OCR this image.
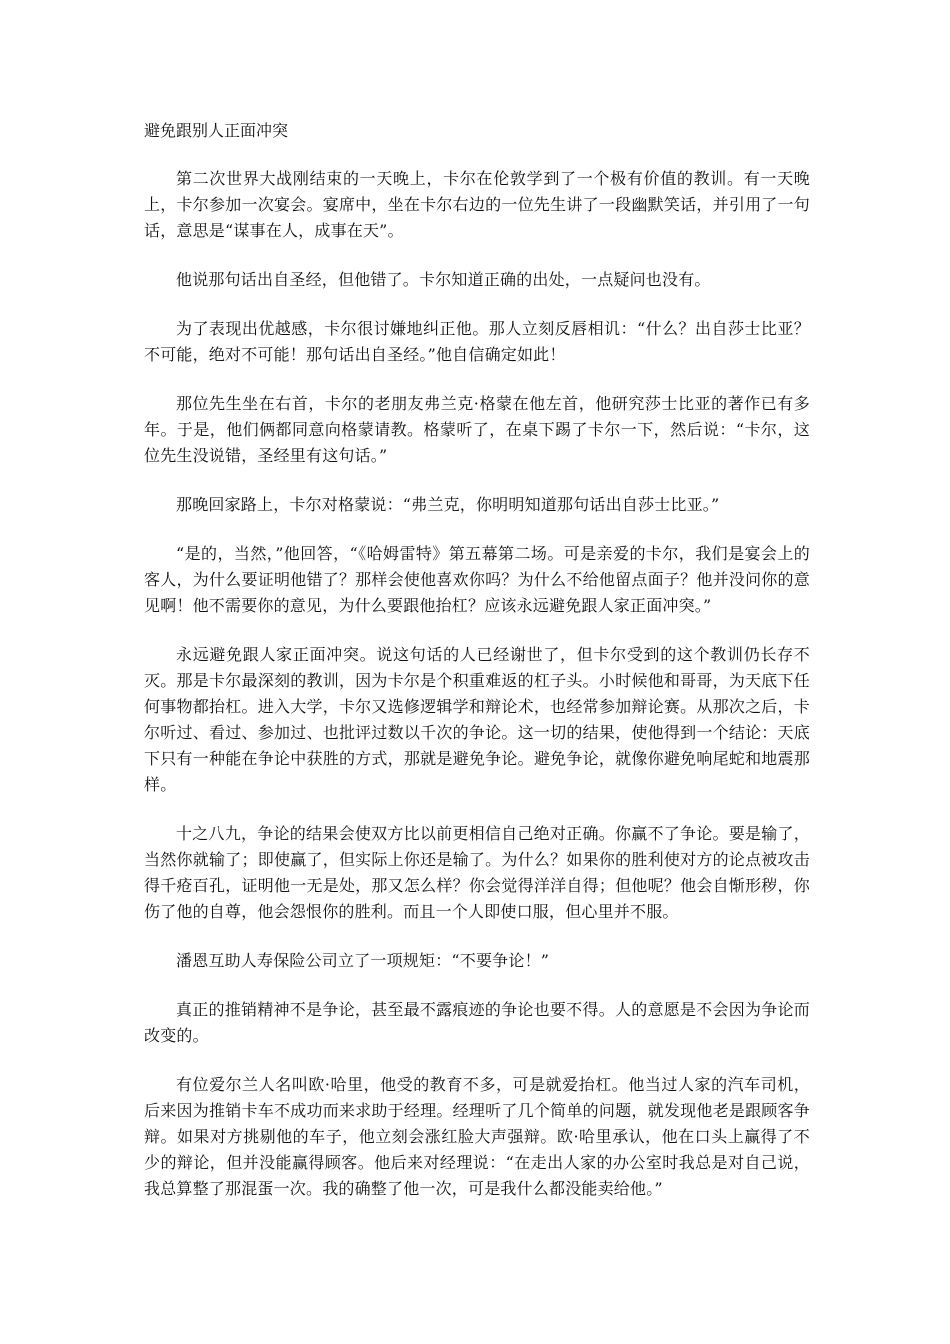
避免跟别人正面冲突

第二次世界大战刚结束的一天晚上，卡尔在伦敦学到了一个极有价值的教训。有一天晚上，卡尔参加一次宴会。宴席中，坐在卡尔右边的一位先生讲了一段幽默笑话，并引用了一句话，意思是“谋事在人，成事在天”。

他说那句话出自圣经，但他错了。卡尔知道正确的出处，一点疑问也没有。

为了表现出优越感，卡尔很讨嫌地纠正他。那人立刻反唇相讥：“什么？出自莎士比亚？不可能，绝对不可能！那句话出自圣经。”他自信确定如此！

那位先生坐在右首，卡尔的老朋友弗兰克·格蒙在他左首，他研究莎士比亚的著作已有多年。于是，他们俩都同意向格蒙请教。格蒙听了，在桌下踢了卡尔一下，然后说：“卡尔，这位先生没说错，圣经里有这句话。”

那晚回家路上，卡尔对格蒙说：“弗兰克，你明明知道那句话出自莎士比亚。”

“是的，当然，”他回答，“《哈姆雷特》第五幕第二场。可是亲爱的卡尔，我们是宴会上的客人，为什么要证明他错了？那样会使他喜欢你吗？为什么不给他留点面子？他并没问你的意见啊！他不需要你的意见，为什么要跟他抬杠？应该永远避免跟人家正面冲突。”

永远避免跟人家正面冲突。说这句话的人已经谢世了，但卡尔受到的这个教训仍长存不灭。那是卡尔最深刻的教训，因为卡尔是个积重难返的杠子头。小时候他和哥哥，为天底下任何事物都抬杠。进入大学，卡尔又选修逻辑学和辩论术，也经常参加辩论赛。从那次之后，卡尔听过、看过、参加过、也批评过数以千次的争论。这一切的结果，使他得到一个结论：天底下只有一种能在争论中获胜的方式，那就是避免争论。避免争论，就像你避免响尾蛇和地震那样。

十之八九，争论的结果会使双方比以前更相信自己绝对正确。你赢不了争论。要是输了，当然你就输了；即使赢了，但实际上你还是输了。为什么？如果你的胜利使对方的论点被攻击得千疮百孔，证明他一无是处，那又怎么样？你会觉得洋洋自得；但他呢？他会自惭形秽，你伤了他的自尊，他会怨恨你的胜利。而且一个人即使口服，但心里并不服。

潘恩互助人寿保险公司立了一项规矩：“不要争论！”

真正的推销精神不是争论，甚至最不露痕迹的争论也要不得。人的意愿是不会因为争论而改变的。

有位爱尔兰人名叫欧·哈里，他受的教育不多，可是就爱抬杠。他当过人家的汽车司机，后来因为推销卡车不成功而来求助于经理。经理听了几个简单的问题，就发现他老是跟顾客争辩。如果对方挑剔他的车子，他立刻会涨红脸大声强辩。欧·哈里承认，他在口头上赢得了不少的辩论，但并没能赢得顾客。他后来对经理说：“在走出人家的办公室时我总是对自己说，我总算整了那混蛋一次。我的确整了他一次，可是我什么都没能卖给他。”
